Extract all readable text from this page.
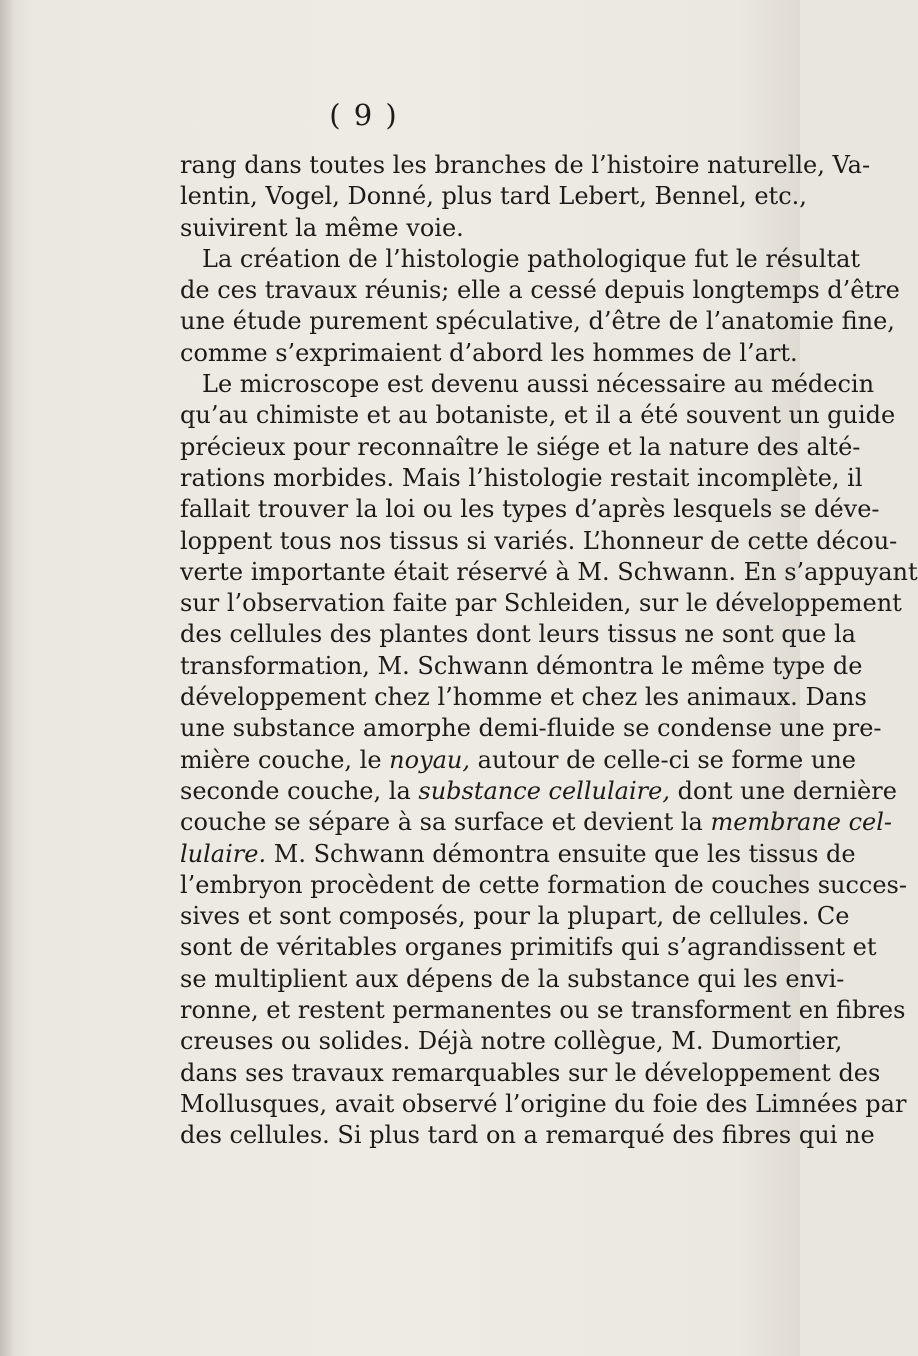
( 9 )
rang dans toutes les branches de l’histoire naturelle, Va-
lentin, Vogel, Donné, plus tard Lebert, Bennel, etc.,
suivirent la même voie.
La création de l’histologie pathologique fut le résultat
de ces travaux réunis; elle a cessé depuis longtemps d’être
une étude purement spéculative, d’être de l’anatomie fine,
comme s’exprimaient d’abord les hommes de l’art.
Le microscope est devenu aussi nécessaire au médecin
qu’au chimiste et au botaniste, et il a été souvent un guide
précieux pour reconnaître le siége et la nature des alté-
rations morbides. Mais l’histologie restait incomplète, il
fallait trouver la loi ou les types d’après lesquels se déve-
loppent tous nos tissus si variés. L’honneur de cette décou-
verte importante était réservé à M. Schwann. En s’appuyant
sur l’observation faite par Schleiden, sur le développement
des cellules des plantes dont leurs tissus ne sont que la
transformation, M. Schwann démontra le même type de
développement chez l’homme et chez les animaux. Dans
une substance amorphe demi-fluide se condense une pre-
mière couche, le noyau, autour de celle-ci se forme une
seconde couche, la substance cellulaire, dont une dernière
couche se sépare à sa surface et devient la membrane cel-
lulaire. M. Schwann démontra ensuite que les tissus de
l’embryon procèdent de cette formation de couches succes-
sives et sont composés, pour la plupart, de cellules. Ce
sont de véritables organes primitifs qui s’agrandissent et
se multiplient aux dépens de la substance qui les envi-
ronne, et restent permanentes ou se transforment en fibres
creuses ou solides. Déjà notre collègue, M. Dumortier,
dans ses travaux remarquables sur le développement des
Mollusques, avait observé l’origine du foie des Limnées par
des cellules. Si plus tard on a remarqué des fibres qui ne
